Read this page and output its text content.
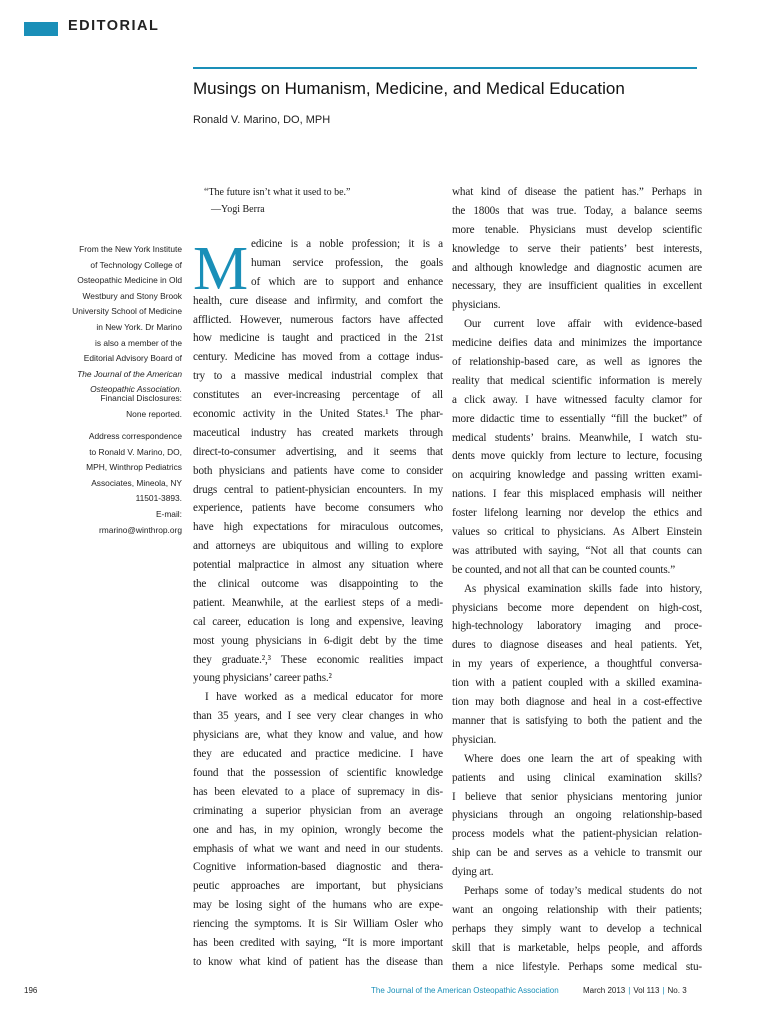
EDITORIAL
Musings on Humanism, Medicine, and Medical Education
Ronald V. Marino, DO, MPH
“The future isn’t what it used to be.”
—Yogi Berra
From the New York Institute
of Technology College of
Osteopathic Medicine in Old
Westbury and Stony Brook
University School of Medicine
in New York. Dr Marino
is also a member of the
Editorial Advisory Board of
The Journal of the American
Osteopathic Association.
Financial Disclosures:
None reported.
Address correspondence
to Ronald V. Marino, DO,
MPH, Winthrop Pediatrics
Associates, Mineola, NY
11501-3893.
E-mail:
rmarino@winthrop.org
M edicine is a noble profession; it is a
human service profession, the goals
of which are to support and enhance
health, cure disease and infirmity, and comfort the
afflicted. However, numerous factors have affected
how medicine is taught and practiced in the 21st
century. Medicine has moved from a cottage indus-
try to a massive medical industrial complex that
constitutes an ever-increasing percentage of all
economic activity in the United States.¹ The phar-
maceutical industry has created markets through
direct-to-consumer advertising, and it seems that
both physicians and patients have come to consider
drugs central to patient-physician encounters. In my
experience, patients have become consumers who
have high expectations for miraculous outcomes,
and attorneys are ubiquitous and willing to explore
potential malpractice in almost any situation where
the clinical outcome was disappointing to the
patient. Meanwhile, at the earliest steps of a medi-
cal career, education is long and expensive, leaving
most young physicians in 6-digit debt by the time
they graduate.²,³ These economic realities impact
young physicians’ career paths.²
I have worked as a medical educator for more
than 35 years, and I see very clear changes in who
physicians are, what they know and value, and how
they are educated and practice medicine. I have
found that the possession of scientific knowledge
has been elevated to a place of supremacy in dis-
criminating a superior physician from an average
one and has, in my opinion, wrongly become the
emphasis of what we want and need in our students.
Cognitive information-based diagnostic and thera-
peutic approaches are important, but physicians
may be losing sight of the humans who are expe-
riencing the symptoms. It is Sir William Osler who
has been credited with saying, “It is more important
to know what kind of patient has the disease than
what kind of disease the patient has.” Perhaps in
the 1800s that was true. Today, a balance seems
more tenable. Physicians must develop scientific
knowledge to serve their patients’ best interests,
and although knowledge and diagnostic acumen are
necessary, they are insufficient qualities in excellent
physicians.
Our current love affair with evidence-based
medicine deifies data and minimizes the importance
of relationship-based care, as well as ignores the
reality that medical scientific information is merely
a click away. I have witnessed faculty clamor for
more didactic time to essentially “fill the bucket” of
medical students’ brains. Meanwhile, I watch stu-
dents move quickly from lecture to lecture, focusing
on acquiring knowledge and passing written exami-
nations. I fear this misplaced emphasis will neither
foster lifelong learning nor develop the ethics and
values so critical to physicians. As Albert Einstein
was attributed with saying, “Not all that counts can
be counted, and not all that can be counted counts.”
As physical examination skills fade into history,
physicians become more dependent on high-cost,
high-technology laboratory imaging and proce-
dures to diagnose diseases and heal patients. Yet,
in my years of experience, a thoughtful conversa-
tion with a patient coupled with a skilled examina-
tion may both diagnose and heal in a cost-effective
manner that is satisfying to both the patient and the
physician.
Where does one learn the art of speaking with
patients and using clinical examination skills?
I believe that senior physicians mentoring junior
physicians through an ongoing relationship-based
process models what the patient-physician relation-
ship can be and serves as a vehicle to transmit our
dying art.
Perhaps some of today’s medical students do not
want an ongoing relationship with their patients;
perhaps they simply want to develop a technical
skill that is marketable, helps people, and affords
them a nice lifestyle. Perhaps some medical stu-
196	The Journal of the American Osteopathic Association	March 2013 | Vol 113 | No. 3
